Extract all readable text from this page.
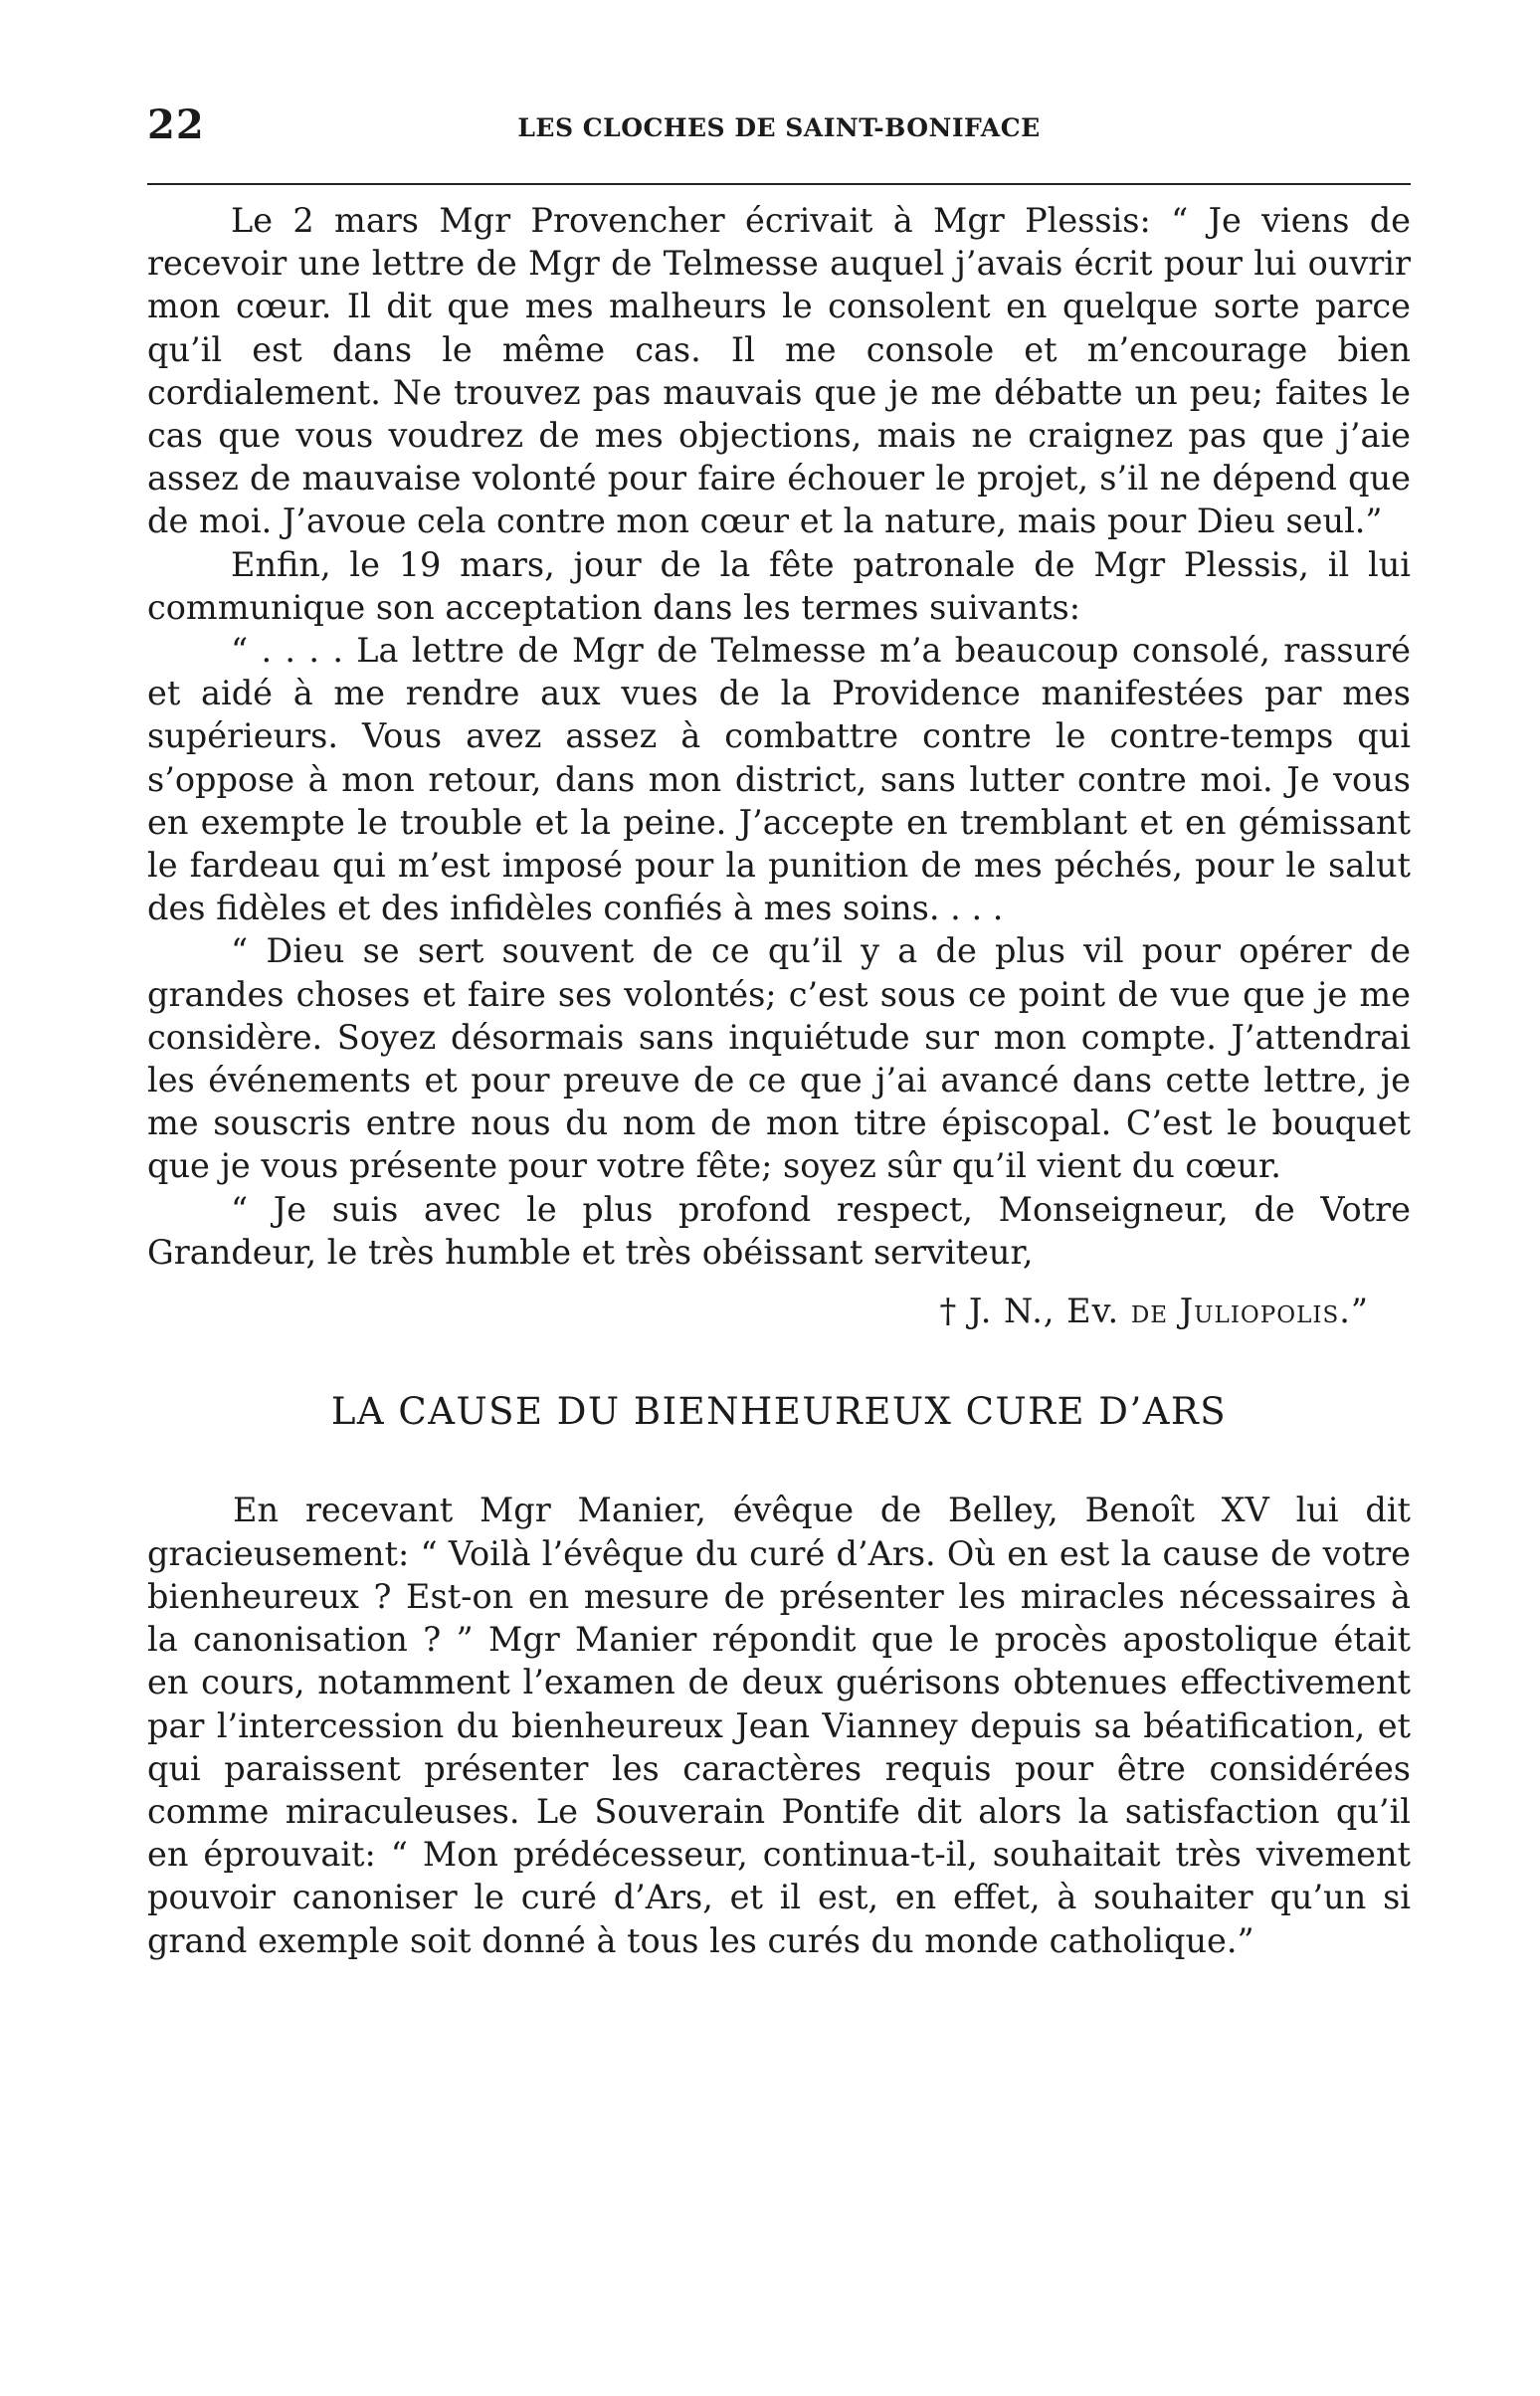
22	LES CLOCHES DE SAINT-BONIFACE

Le 2 mars Mgr Provencher écrivait à Mgr Plessis: “ Je viens de recevoir une lettre de Mgr de Telmesse auquel j’avais écrit pour lui ouvrir mon cœur. Il dit que mes malheurs le consolent en quelque sorte parce qu’il est dans le même cas. Il me console et m’encourage bien cordialement. Ne trouvez pas mauvais que je me débatte un peu; faites le cas que vous voudrez de mes objections, mais ne craignez pas que j’aie assez de mauvaise volonté pour faire échouer le projet, s’il ne dépend que de moi. J’avoue cela contre mon cœur et la nature, mais pour Dieu seul.”

Enfin, le 19 mars, jour de la fête patronale de Mgr Plessis, il lui communique son acceptation dans les termes suivants:

“ . . . . La lettre de Mgr de Telmesse m’a beaucoup consolé, rassuré et aidé à me rendre aux vues de la Providence manifestées par mes supérieurs. Vous avez assez à combattre contre le contre-temps qui s’oppose à mon retour, dans mon district, sans lutter contre moi. Je vous en exempte le trouble et la peine. J’accepte en tremblant et en gémissant le fardeau qui m’est imposé pour la punition de mes péchés, pour le salut des fidèles et des infidèles confiés à mes soins. . . .

“ Dieu se sert souvent de ce qu’il y a de plus vil pour opérer de grandes choses et faire ses volontés; c’est sous ce point de vue que je me considère. Soyez désormais sans inquiétude sur mon compte. J’attendrai les événements et pour preuve de ce que j’ai avancé dans cette lettre, je me souscris entre nous du nom de mon titre épiscopal. C’est le bouquet que je vous présente pour votre fête; soyez sûr qu’il vient du cœur.

“ Je suis avec le plus profond respect, Monseigneur, de Votre Grandeur, le très humble et très obéissant serviteur,

† J. N., Ev. de Juliopolis.”
LA CAUSE DU BIENHEUREUX CURE D’ARS

En recevant Mgr Manier, évêque de Belley, Benoît XV lui dit gracieusement: “ Voilà l’évêque du curé d’Ars. Où en est la cause de votre bienheureux ? Est-on en mesure de présenter les miracles nécessaires à la canonisation ? ” Mgr Manier répondit que le procès apostolique était en cours, notamment l’examen de deux guérisons obtenues effectivement par l’intercession du bienheureux Jean Vianney depuis sa béatification, et qui paraissent présenter les caractères requis pour être considérées comme miraculeuses. Le Souverain Pontife dit alors la satisfaction qu’il en éprouvait: “ Mon prédécesseur, continua-t-il, souhaitait très vivement pouvoir canoniser le curé d’Ars, et il est, en effet, à souhaiter qu’un si grand exemple soit donné à tous les curés du monde catholique.”
